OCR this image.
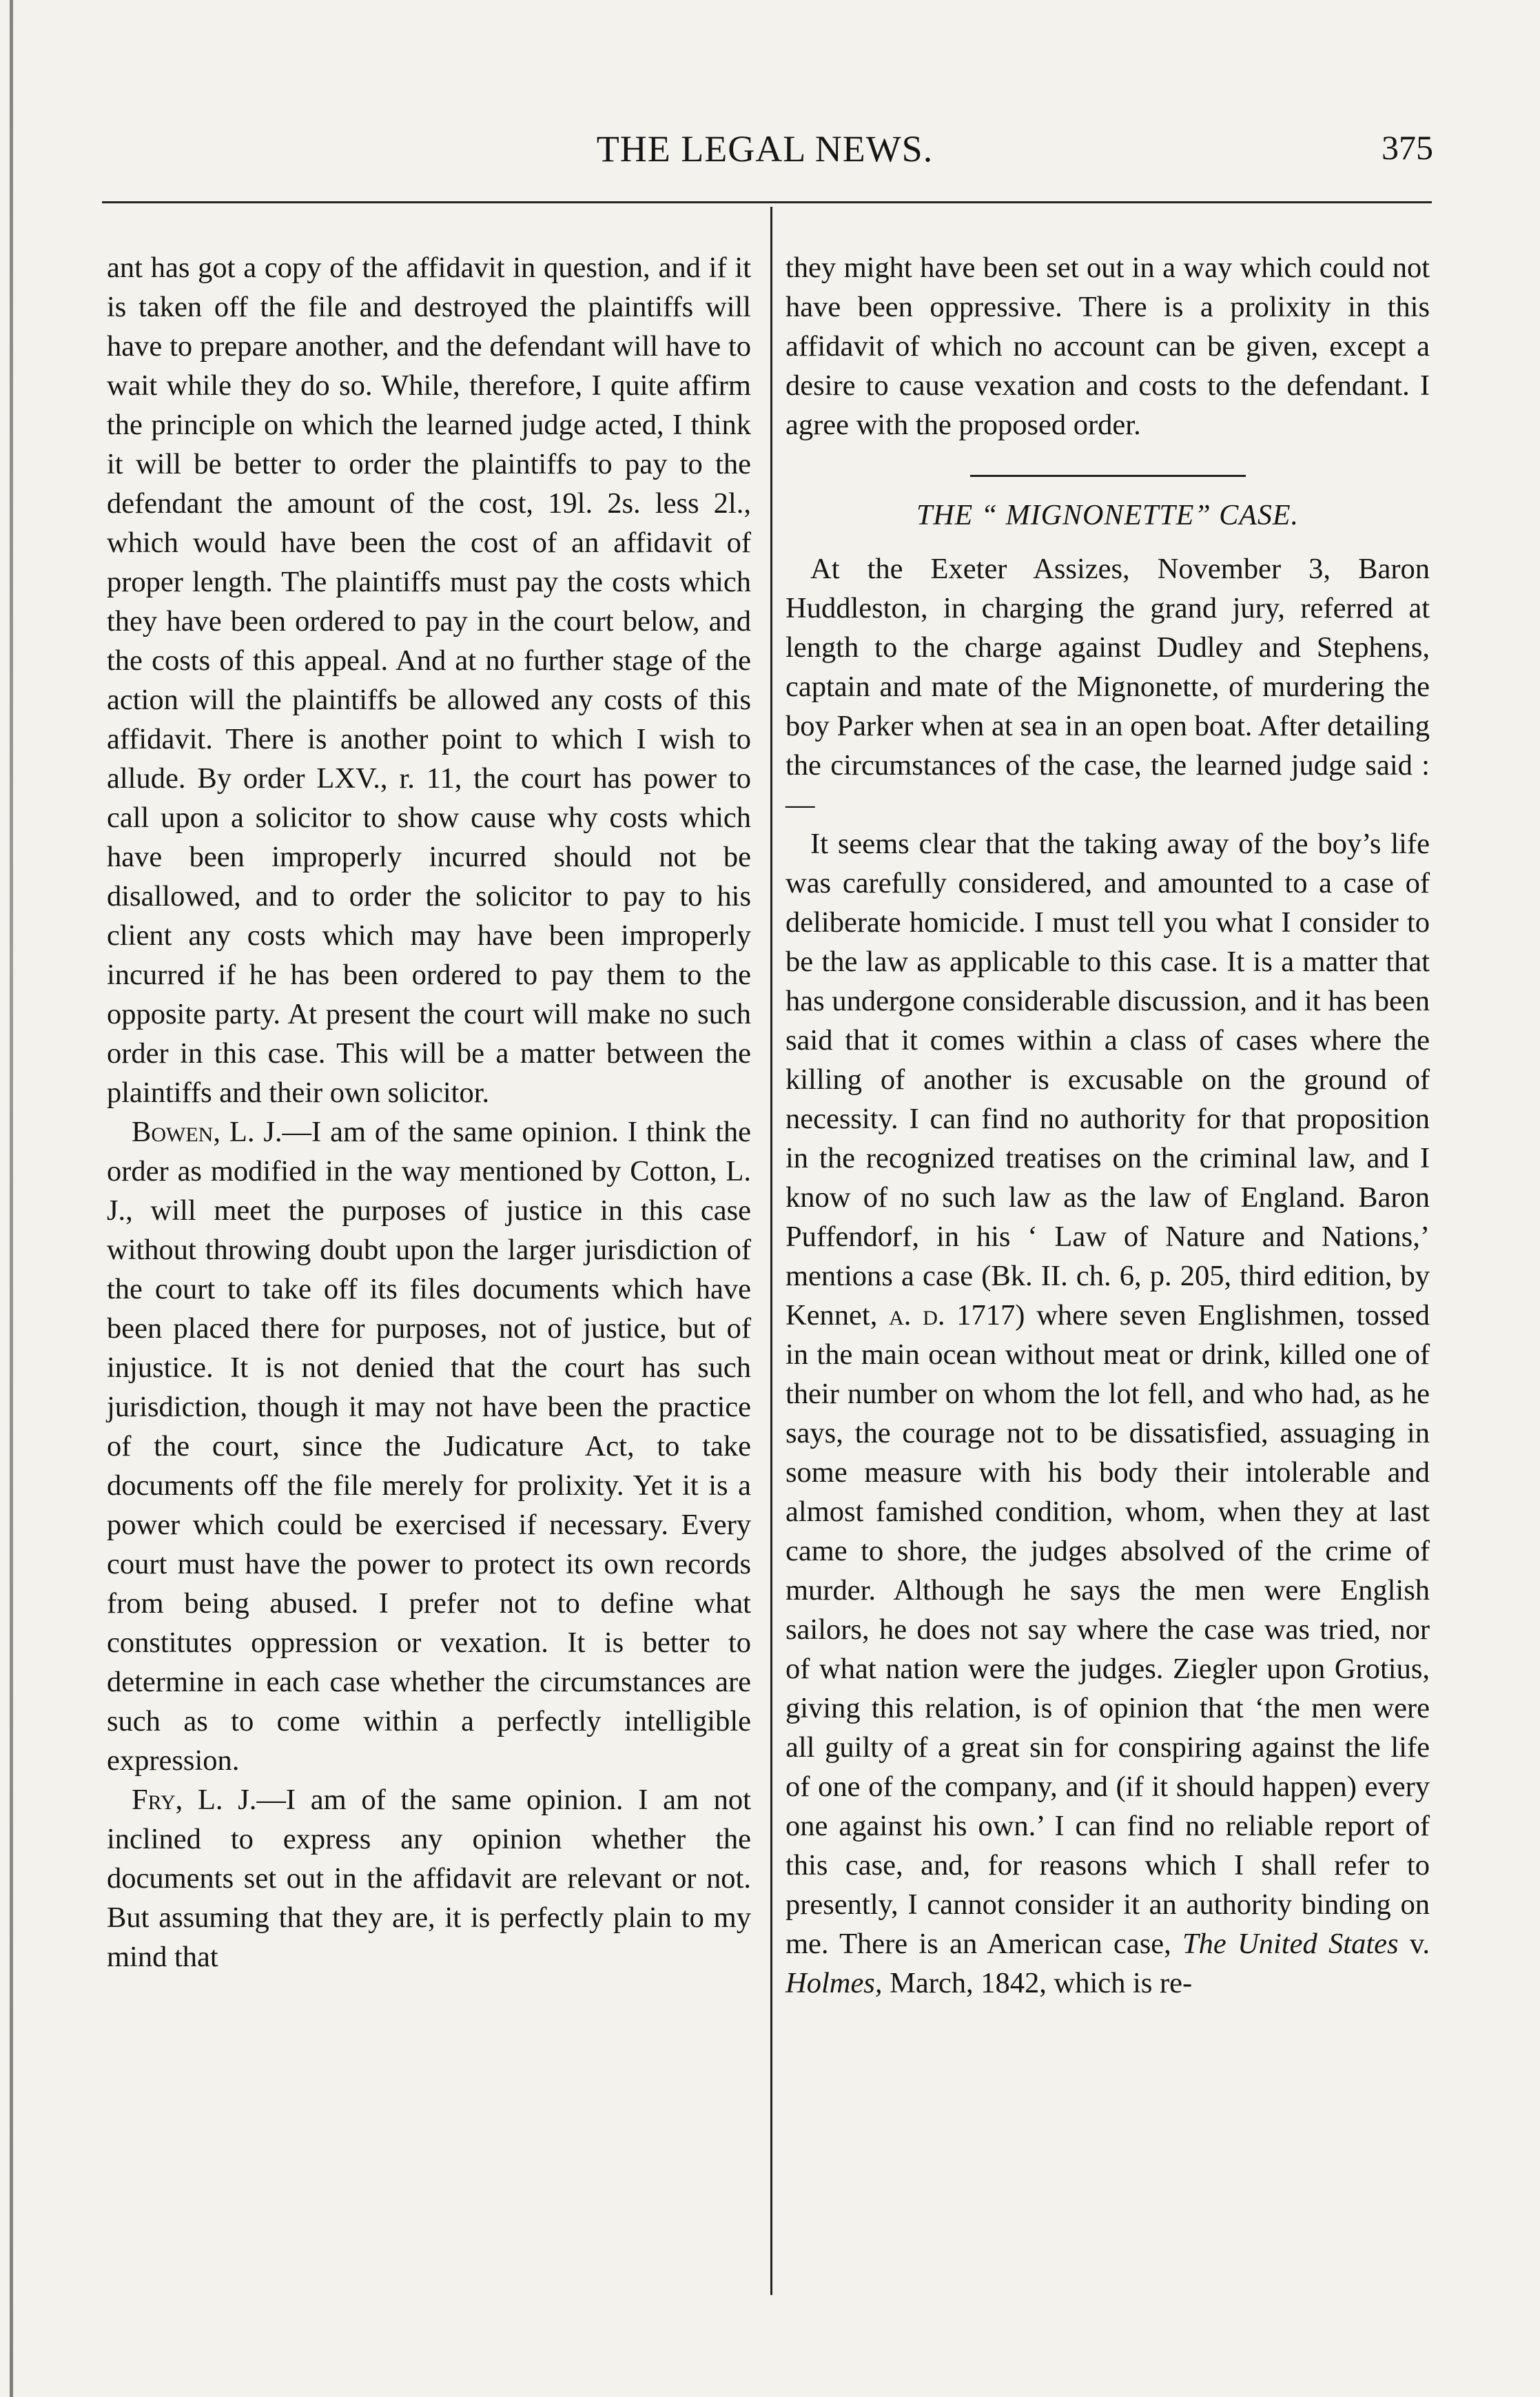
THE LEGAL NEWS.	375

ant has got a copy of the affidavit in question, and if it is taken off the file and destroyed the plaintiffs will have to prepare another, and the defendant will have to wait while they do so. While, therefore, I quite affirm the principle on which the learned judge acted, I think it will be better to order the plaintiffs to pay to the defendant the amount of the cost, 19l. 2s. less 2l., which would have been the cost of an affidavit of proper length. The plaintiffs must pay the costs which they have been ordered to pay in the court below, and the costs of this appeal. And at no further stage of the action will the plaintiffs be allowed any costs of this affidavit. There is another point to which I wish to allude. By order LXV., r. 11, the court has power to call upon a solicitor to show cause why costs which have been improperly incurred should not be disallowed, and to order the solicitor to pay to his client any costs which may have been improperly incurred if he has been ordered to pay them to the opposite party. At present the court will make no such order in this case. This will be a matter between the plaintiffs and their own solicitor.

Bowen, L. J.—I am of the same opinion. I think the order as modified in the way mentioned by Cotton, L. J., will meet the purposes of justice in this case without throwing doubt upon the larger jurisdiction of the court to take off its files documents which have been placed there for purposes, not of justice, but of injustice. It is not denied that the court has such jurisdiction, though it may not have been the practice of the court, since the Judicature Act, to take documents off the file merely for prolixity. Yet it is a power which could be exercised if necessary. Every court must have the power to protect its own records from being abused. I prefer not to define what constitutes oppression or vexation. It is better to determine in each case whether the circumstances are such as to come within a perfectly intelligible expression.

Fry, L. J.—I am of the same opinion. I am not inclined to express any opinion whether the documents set out in the affidavit are relevant or not. But assuming that they are, it is perfectly plain to my mind that

they might have been set out in a way which could not have been oppressive. There is a prolixity in this affidavit of which no account can be given, except a desire to cause vexation and costs to the defendant. I agree with the proposed order.

THE “ MIGNONETTE” CASE.

At the Exeter Assizes, November 3, Baron Huddleston, in charging the grand jury, referred at length to the charge against Dudley and Stephens, captain and mate of the Mignonette, of murdering the boy Parker when at sea in an open boat. After detailing the circumstances of the case, the learned judge said :—

It seems clear that the taking away of the boy’s life was carefully considered, and amounted to a case of deliberate homicide. I must tell you what I consider to be the law as applicable to this case. It is a matter that has undergone considerable discussion, and it has been said that it comes within a class of cases where the killing of another is excusable on the ground of necessity. I can find no authority for that proposition in the recognized treatises on the criminal law, and I know of no such law as the law of England. Baron Puffendorf, in his ‘ Law of Nature and Nations,’ mentions a case (Bk. II. ch. 6, p. 205, third edition, by Kennet, a. d. 1717) where seven Englishmen, tossed in the main ocean without meat or drink, killed one of their number on whom the lot fell, and who had, as he says, the courage not to be dissatisfied, assuaging in some measure with his body their intolerable and almost famished condition, whom, when they at last came to shore, the judges absolved of the crime of murder. Although he says the men were English sailors, he does not say where the case was tried, nor of what nation were the judges. Ziegler upon Grotius, giving this relation, is of opinion that ‘the men were all guilty of a great sin for conspiring against the life of one of the company, and (if it should happen) every one against his own.’ I can find no reliable report of this case, and, for reasons which I shall refer to presently, I cannot consider it an authority binding on me. There is an American case, The United States v. Holmes, March, 1842, which is re-
